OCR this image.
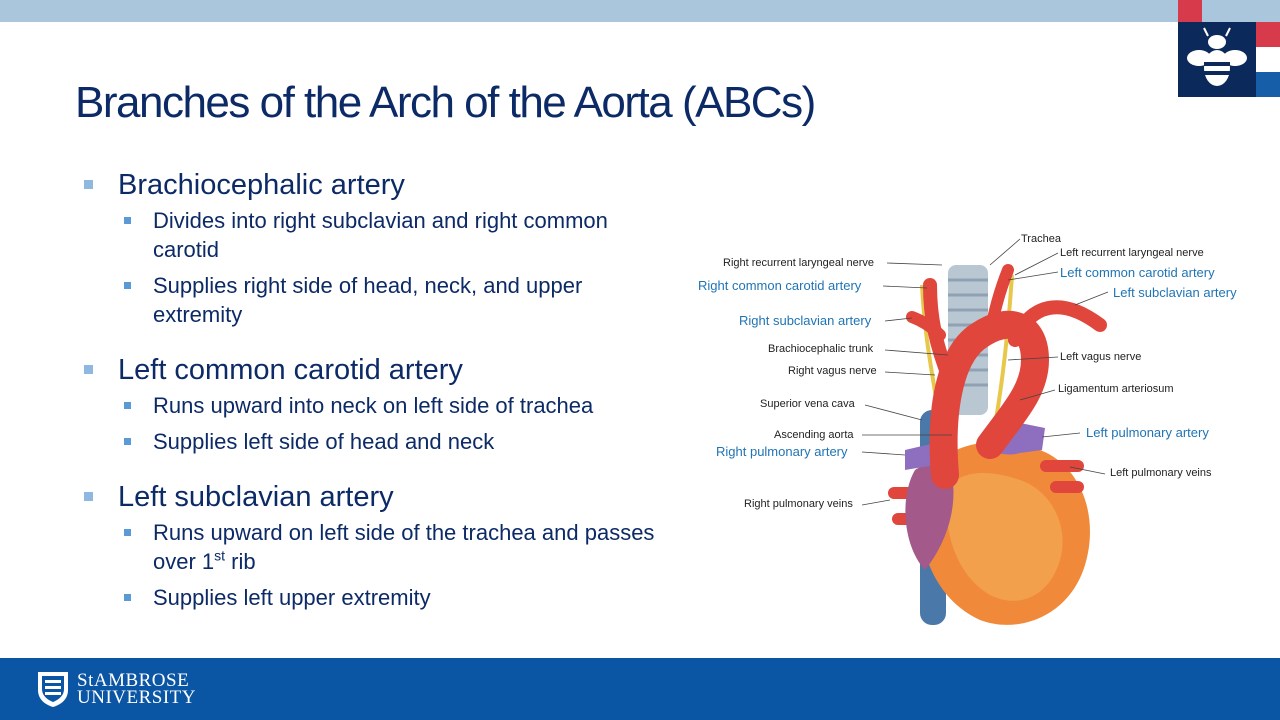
Branches of the Arch of the Aorta (ABCs)
Brachiocephalic artery
Divides into right subclavian and right common carotid
Supplies right side of head, neck, and upper extremity
Left common carotid artery
Runs upward into neck on left side of trachea
Supplies left side of head and neck
Left subclavian artery
Runs upward on left side of the trachea and passes over 1st rib
Supplies left upper extremity
Trachea
Right recurrent laryngeal nerve
Left recurrent laryngeal nerve
Right common carotid artery
Left common carotid artery
Left subclavian artery
Right subclavian artery
Brachiocephalic trunk
Left vagus nerve
Right vagus nerve
Ligamentum arteriosum
Superior vena cava
Ascending aorta	Left pulmonary artery
Right pulmonary artery
Left pulmonary veins
Right pulmonary veins
StAMBROSE
UNIVERSITY
